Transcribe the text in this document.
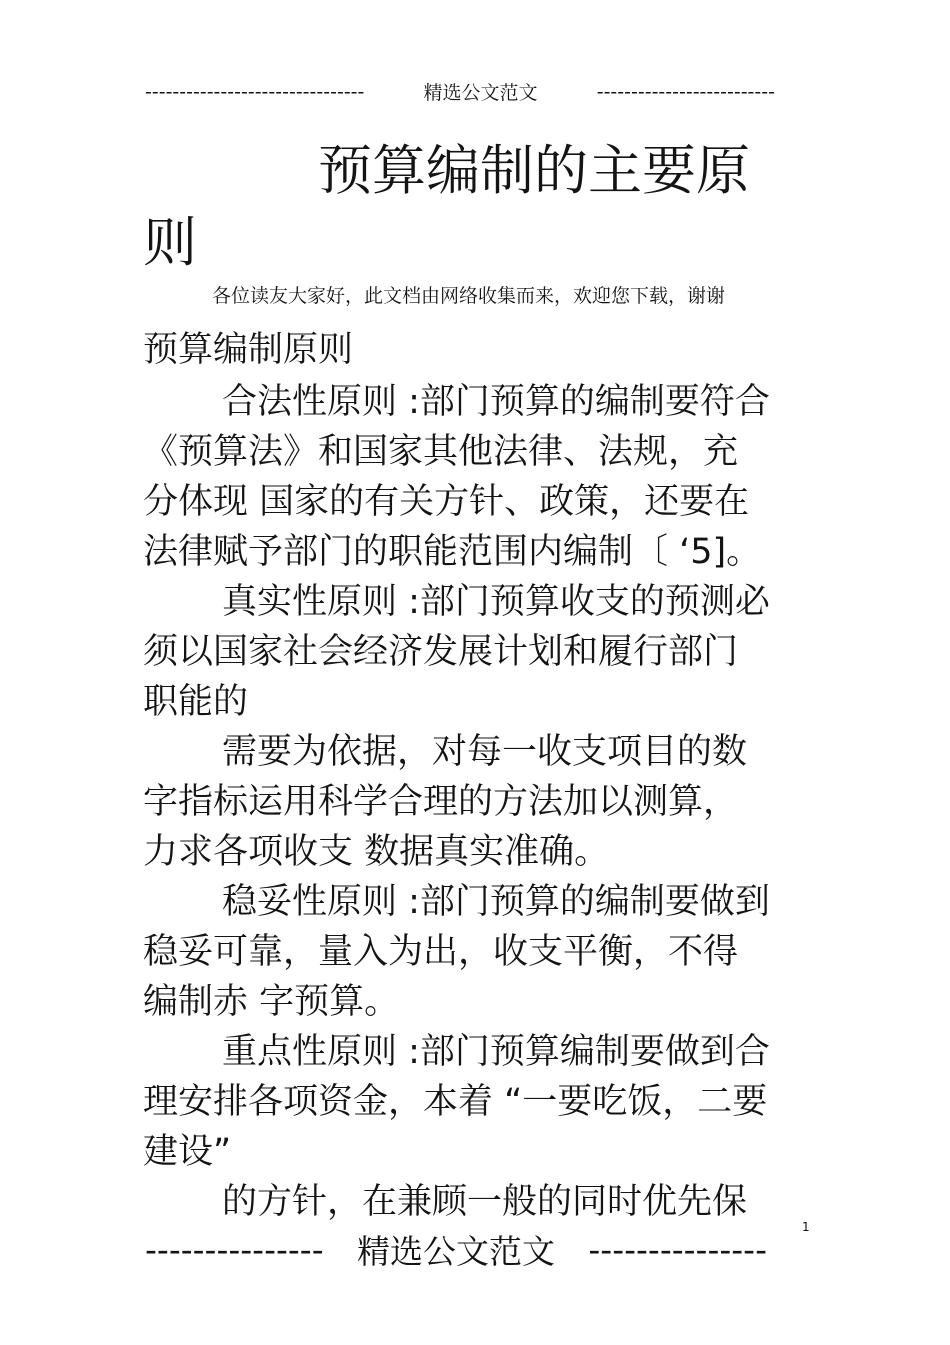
--------------------------------	精选公文范文	--------------------------
预算编制的主要原
则
各位读友大家好，此文档由网络收集而来，欢迎您下载，谢谢
预算编制原则
合法性原则 :部门预算的编制要符合
《预算法》和国家其他法律、法规，充
分体现 国家的有关方针、政策，还要在
法律赋予部门的职能范围内编制〔 ‘5]。
真实性原则 :部门预算收支的预测必
须以国家社会经济发展计划和履行部门
职能的
需要为依据，对每一收支项目的数
字指标运用科学合理的方法加以测算，
力求各项收支 数据真实准确。
稳妥性原则 :部门预算的编制要做到
稳妥可靠，量入为出，收支平衡，不得
编制赤 字预算。
重点性原则 :部门预算编制要做到合
理安排各项资金，本着 “一要吃饭，二要
建设”
的方针，在兼顾一般的同时优先保
1
--------------- 精选公文范文 ---------------
